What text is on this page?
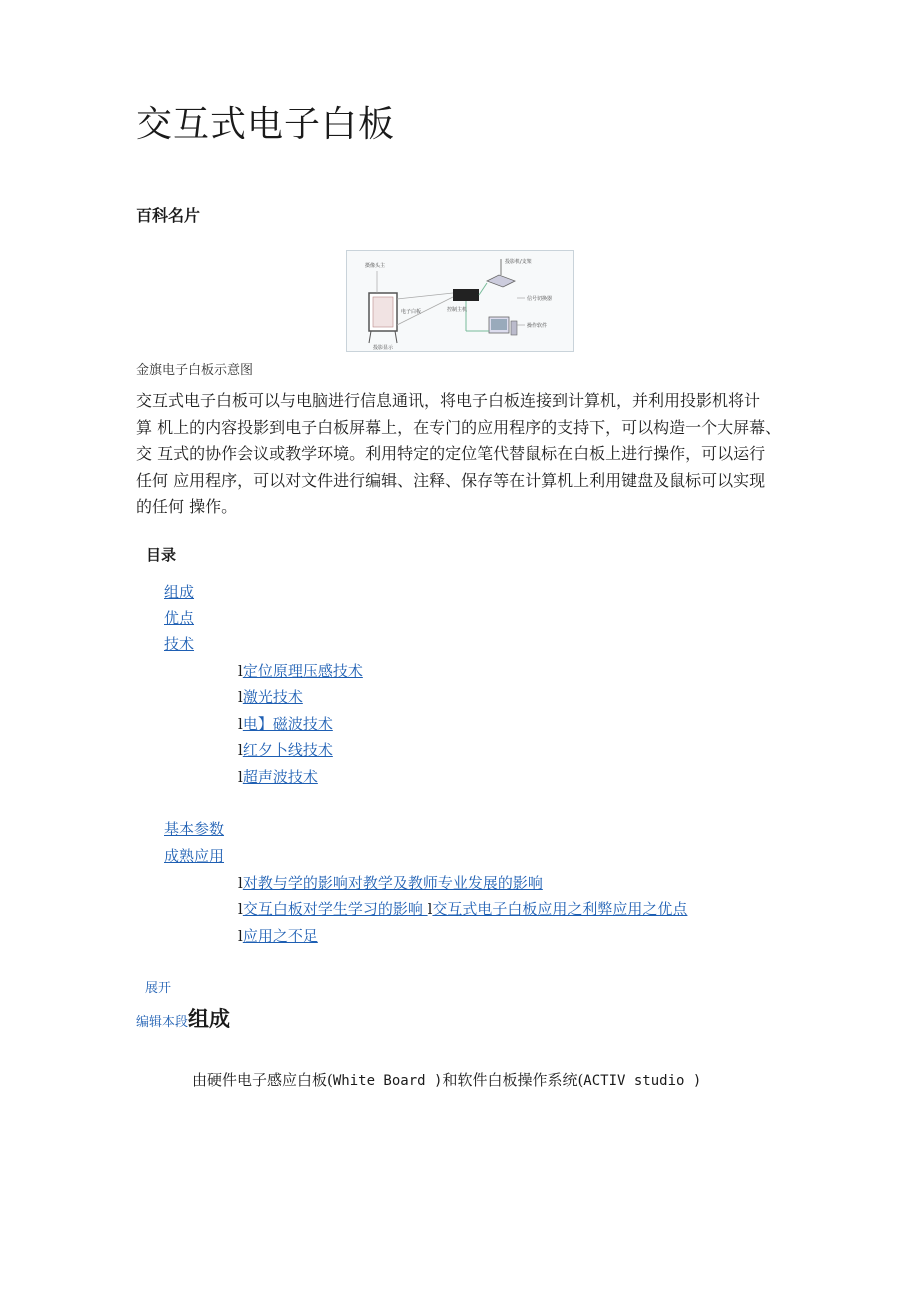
交互式电子白板
百科名片
摄像头主
电子白板
投影显示
投影机/支架
控制主机
信号切换器
操作软件
金旗电子白板示意图
交互式电子白板可以与电脑进行信息通讯，将电子白板连接到计算机，并利用投影机将计
算 机上的内容投影到电子白板屏幕上，在专门的应用程序的支持下，可以构造一个大屏幕、
交 互式的协作会议或教学环境。利用特定的定位笔代替鼠标在白板上进行操作，可以运行
任何 应用程序，可以对文件进行编辑、注释、保存等在计算机上利用键盘及鼠标可以实现
的任何 操作。
目录
组成
优点
技术
l定位原理压感技术
l激光技术
l电】磁波技术
l红夕卜线技术
l超声波技术
基本参数
成熟应用
l对教与学的影响对教学及教师专业发展的影响
l交互白板对学生学习的影响 l交互式电子白板应用之利弊应用之优点
l应用之不足
展开
编辑本段组成
由硬件电子感应白板(White Board )和软件白板操作系统(ACTIV studio )
